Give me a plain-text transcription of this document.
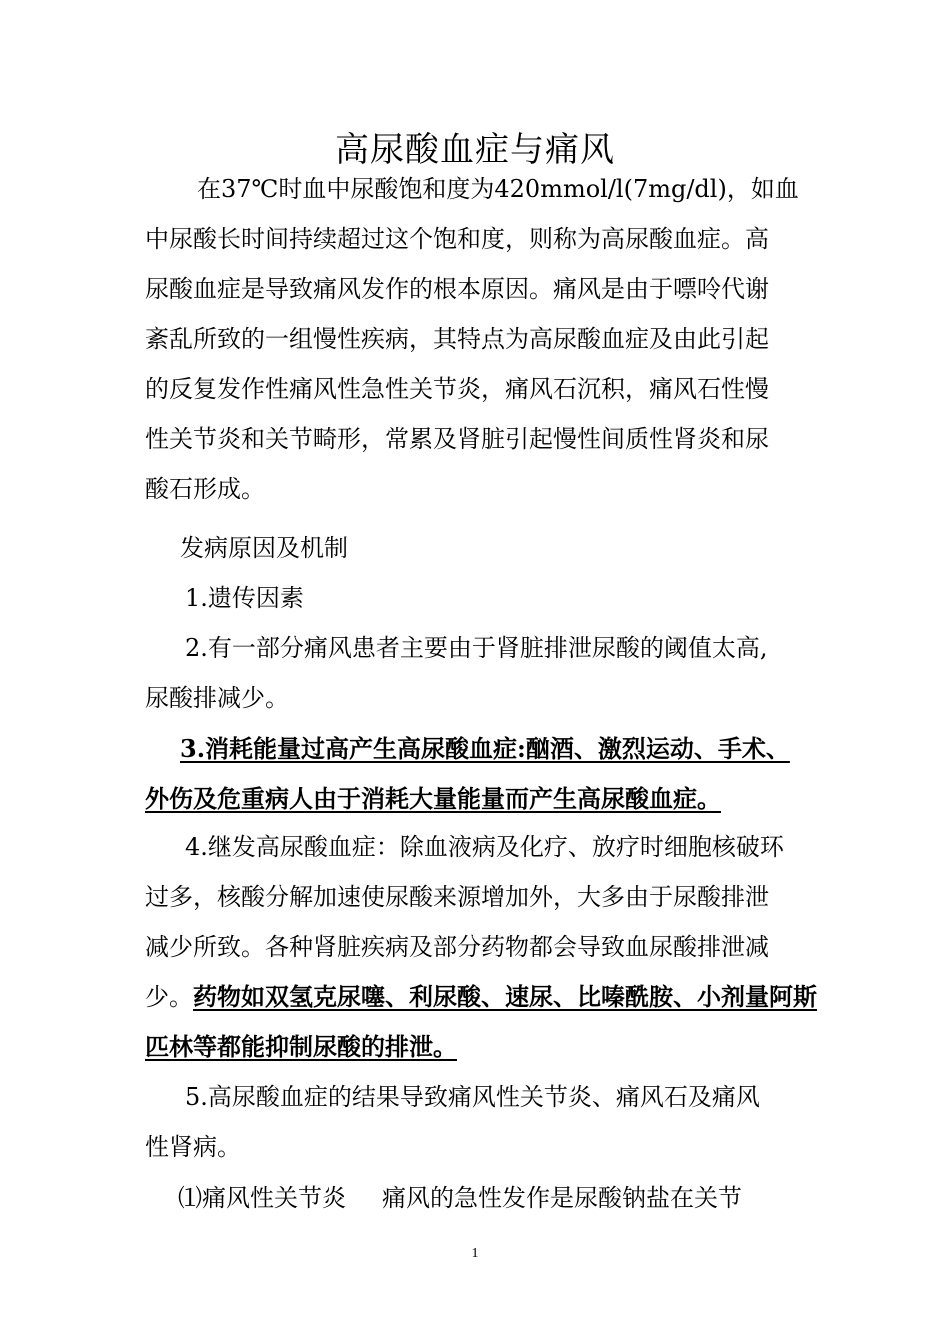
高尿酸血症与痛风
在37℃时血中尿酸饱和度为420mmol/l(7mg/dl)，如血
中尿酸长时间持续超过这个饱和度，则称为高尿酸血症。高
尿酸血症是导致痛风发作的根本原因。痛风是由于嘌呤代谢
紊乱所致的一组慢性疾病，其特点为高尿酸血症及由此引起
的反复发作性痛风性急性关节炎，痛风石沉积，痛风石性慢
性关节炎和关节畸形，常累及肾脏引起慢性间质性肾炎和尿
酸石形成。
发病原因及机制
1.遗传因素
2.有一部分痛风患者主要由于肾脏排泄尿酸的阈值太高,
尿酸排减少。
3.消耗能量过高产生高尿酸血症:酗酒、激烈运动、手术、
外伤及危重病人由于消耗大量能量而产生高尿酸血症。
4.继发高尿酸血症：除血液病及化疗、放疗时细胞核破环
过多，核酸分解加速使尿酸来源增加外，大多由于尿酸排泄
减少所致。各种肾脏疾病及部分药物都会导致血尿酸排泄减
少。药物如双氢克尿噻、利尿酸、速尿、比嗪酰胺、小剂量阿斯
匹林等都能抑制尿酸的排泄。
5.高尿酸血症的结果导致痛风性关节炎、痛风石及痛风
性肾病。
⑴痛风性关节炎 痛风的急性发作是尿酸钠盐在关节
1
